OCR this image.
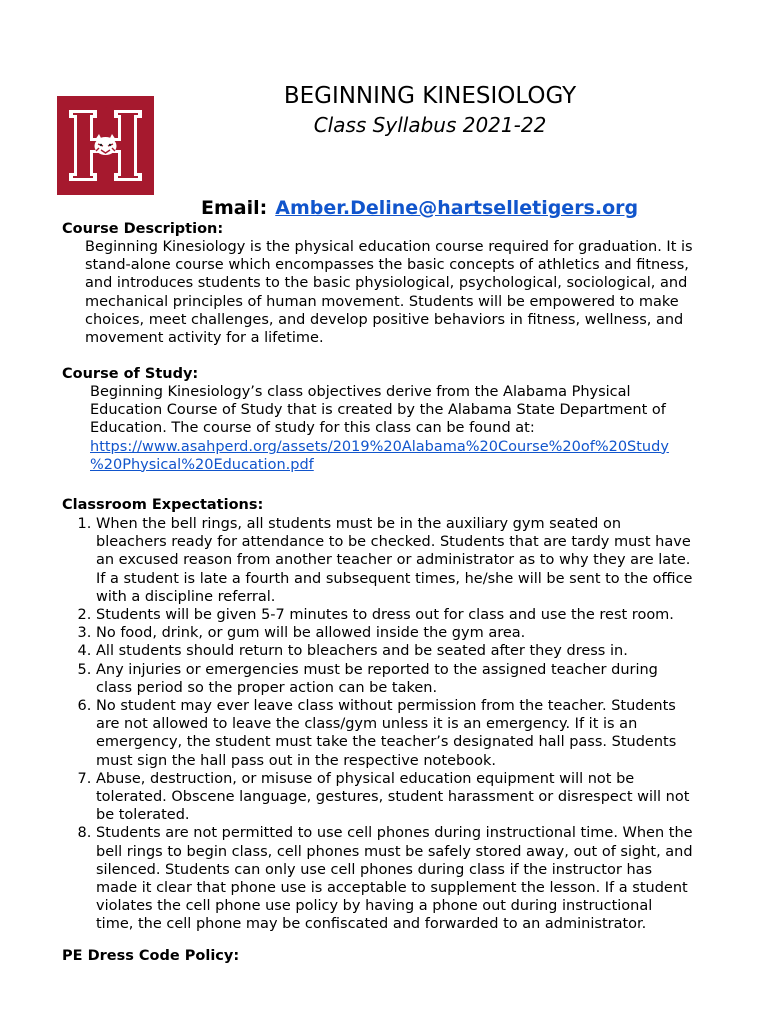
H	BEGINNING KINESIOLOGY
Class Syllabus 2021-22
Email: Amber.Deline@hartselletigers.org
Course Description:
Beginning Kinesiology is the physical education course required for graduation. It is
stand-alone course which encompasses the basic concepts of athletics and fitness,
and introduces students to the basic physiological, psychological, sociological, and
mechanical principles of human movement. Students will be empowered to make
choices, meet challenges, and develop positive behaviors in fitness, wellness, and
movement activity for a lifetime.
Course of Study:
Beginning Kinesiology’s class objectives derive from the Alabama Physical
Education Course of Study that is created by the Alabama State Department of
Education. The course of study for this class can be found at:
https://www.asahperd.org/assets/2019%20Alabama%20Course%20of%20Study
%20Physical%20Education.pdf
Classroom Expectations:
1. When the bell rings, all students must be in the auxiliary gym seated on
bleachers ready for attendance to be checked. Students that are tardy must have
an excused reason from another teacher or administrator as to why they are late.
If a student is late a fourth and subsequent times, he/she will be sent to the office
with a discipline referral.
2. Students will be given 5-7 minutes to dress out for class and use the rest room.
3. No food, drink, or gum will be allowed inside the gym area.
4. All students should return to bleachers and be seated after they dress in.
5. Any injuries or emergencies must be reported to the assigned teacher during
class period so the proper action can be taken.
6. No student may ever leave class without permission from the teacher. Students
are not allowed to leave the class/gym unless it is an emergency. If it is an
emergency, the student must take the teacher’s designated hall pass. Students
must sign the hall pass out in the respective notebook.
7. Abuse, destruction, or misuse of physical education equipment will not be
tolerated. Obscene language, gestures, student harassment or disrespect will not
be tolerated.
8. Students are not permitted to use cell phones during instructional time. When the
bell rings to begin class, cell phones must be safely stored away, out of sight, and
silenced. Students can only use cell phones during class if the instructor has
made it clear that phone use is acceptable to supplement the lesson. If a student
violates the cell phone use policy by having a phone out during instructional
time, the cell phone may be confiscated and forwarded to an administrator.
PE Dress Code Policy:
